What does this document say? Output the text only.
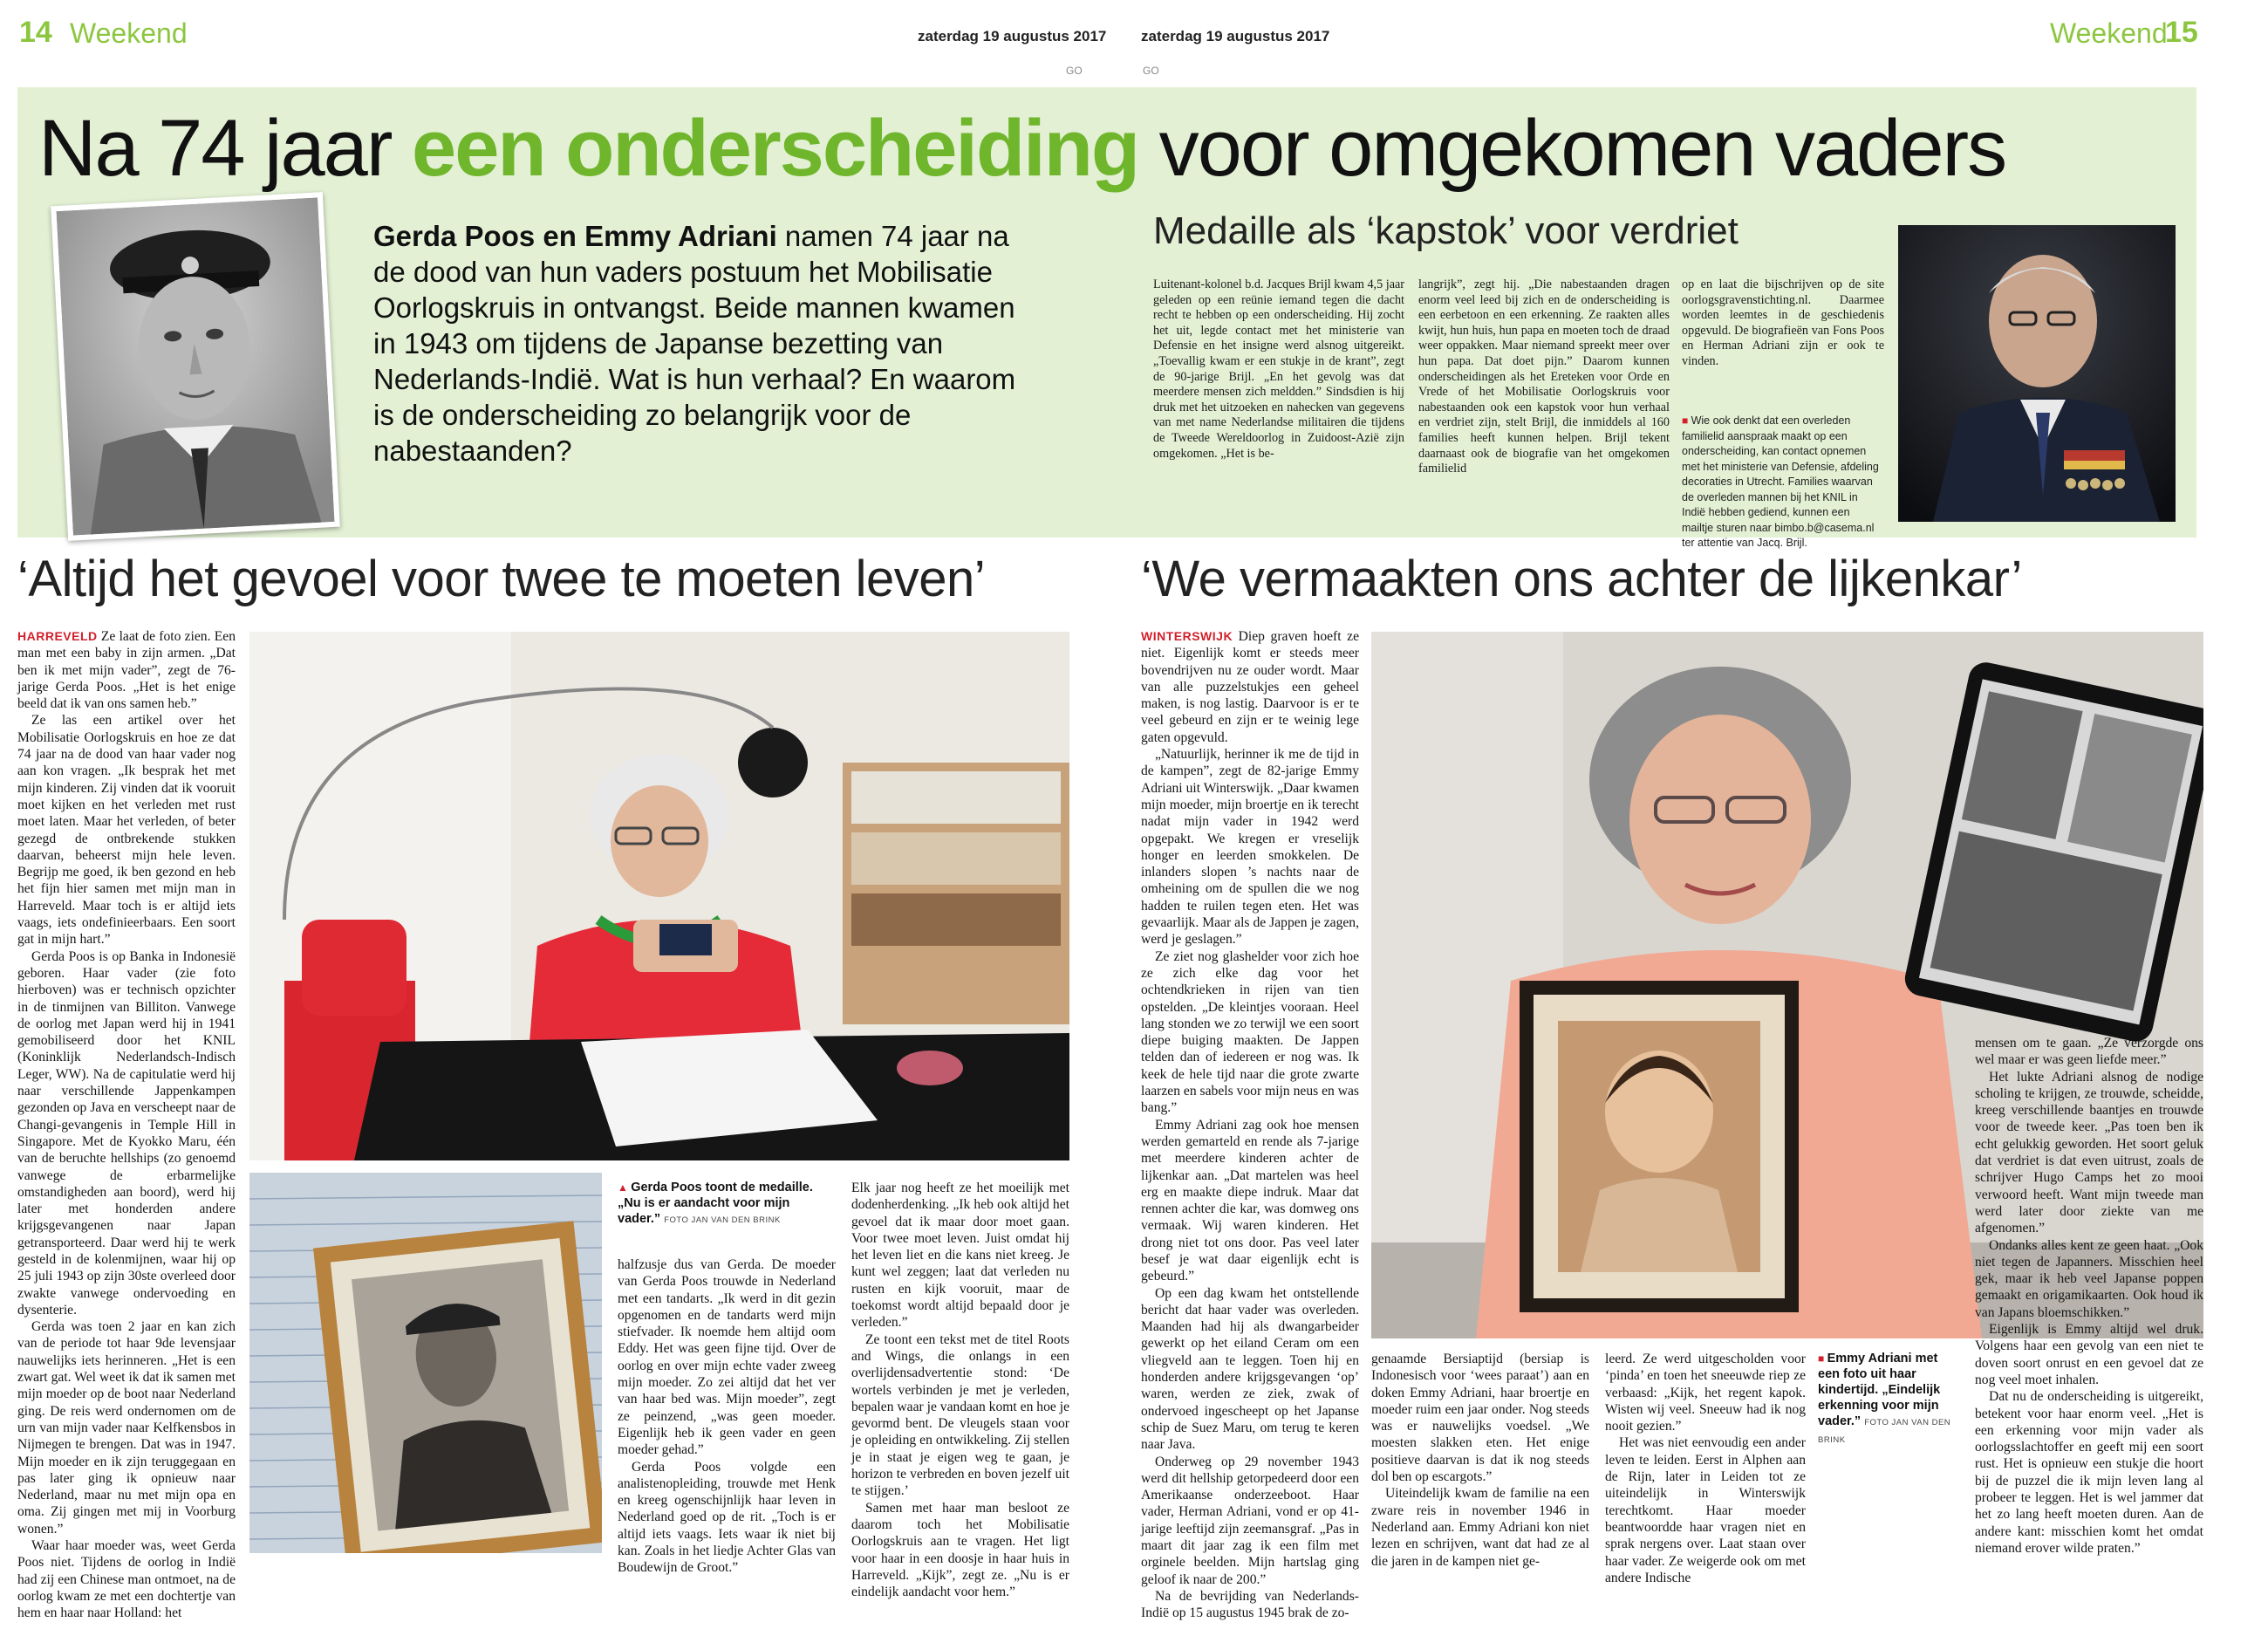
14 Weekend	zaterdag 19 augustus 2017
GO
zaterdag 19 augustus 2017
GO
Weekend
15
Na 74 jaar een onderscheiding voor omgekomen vaders
Gerda Poos en Emmy Adriani namen 74 jaar na de dood van hun vaders postuum het Mobilisatie Oorlogskruis in ontvangst. Beide mannen kwamen in 1943 om tijdens de Japanse bezetting van Nederlands-Indië. Wat is hun verhaal? En waarom is de onderscheiding zo belangrijk voor de nabestaanden?
Medaille als ‘kapstok’ voor verdriet
Luitenant-kolonel b.d. Jacques Brijl kwam 4,5 jaar geleden op een reünie iemand tegen die dacht recht te hebben op een onderscheiding. Hij zocht het uit, legde contact met het ministerie van Defensie en het insigne werd alsnog uitgereikt. „Toevallig kwam er een stukje in de krant”, zegt de 90-jarige Brijl. „En het gevolg was dat meerdere mensen zich meldden.” Sindsdien is hij druk met het uitzoeken en nahecken van gegevens van met name Nederlandse militairen die tijdens de Tweede Wereldoorlog in Zuidoost-Azië zijn omgekomen. „Het is be-
langrijk”, zegt hij. „Die nabestaanden dragen enorm veel leed bij zich en de onderscheiding is een eerbetoon en een erkenning. Ze raakten alles kwijt, hun huis, hun papa en moeten toch de draad weer oppakken. Maar niemand spreekt meer over hun papa. Dat doet pijn.” Daarom kunnen onderscheidingen als het Ereteken voor Orde en Vrede of het Mobilisatie Oorlogskruis voor nabestaanden ook een kapstok voor hun verhaal en verdriet zijn, stelt Brijl, die inmiddels al 160 families heeft kunnen helpen. Brijl tekent daarnaast ook de biografie van het omgekomen familielid
op en laat die bijschrijven op de site oorlogsgravenstichting.nl. Daarmee worden leemtes in de geschiedenis opgevuld. De biografieën van Fons Poos en Herman Adriani zijn er ook te vinden.
■ Wie ook denkt dat een overleden familielid aanspraak maakt op een onderscheiding, kan contact opnemen met het ministerie van Defensie, afdeling decoraties in Utrecht. Families waarvan de overleden mannen bij het KNIL in Indië hebben gediend, kunnen een mailtje sturen naar bimbo.b@casema.nl ter attentie van Jacq. Brijl.
‘Altijd het gevoel voor twee te moeten leven’

HARREVELD Ze laat de foto zien. Een man met een baby in zijn armen. „Dat ben ik met mijn vader”, zegt de 76-jarige Gerda Poos. „Het is het enige beeld dat ik van ons samen heb.”

Ze las een artikel over het Mobilisatie Oorlogskruis en hoe ze dat 74 jaar na de dood van haar vader nog aan kon vragen. „Ik besprak het met mijn kinderen. Zij vinden dat ik vooruit moet kijken en het verleden met rust moet laten. Maar het verleden, of beter gezegd de ontbrekende stukken daarvan, beheerst mijn hele leven. Begrijp me goed, ik ben gezond en heb het fijn hier samen met mijn man in Harreveld. Maar toch is er altijd iets vaags, iets ondefinieerbaars. Een soort gat in mijn hart.”

Gerda Poos is op Banka in Indonesië geboren. Haar vader (zie foto hierboven) was er technisch opzichter in de tinmijnen van Billiton. Vanwege de oorlog met Japan werd hij in 1941 gemobiliseerd door het KNIL (Koninklijk Nederlandsch-Indisch Leger, WW). Na de capitulatie werd hij naar verschillende Jappenkampen gezonden op Java en verscheept naar de Changi-gevangenis in Temple Hill in Singapore. Met de Kyokko Maru, één van de beruchte hellships (zo genoemd vanwege de erbarmelijke omstandigheden aan boord), werd hij later met honderden andere krijgsgevangenen naar Japan getransporteerd. Daar werd hij te werk gesteld in de kolenmijnen, waar hij op 25 juli 1943 op zijn 30ste overleed door zwakte vanwege ondervoeding en dysenterie.

Gerda was toen 2 jaar en kan zich van de periode tot haar 9de levensjaar nauwelijks iets herinneren. „Het is een zwart gat. Wel weet ik dat ik samen met mijn moeder op de boot naar Nederland ging. De reis werd ondernomen om de urn van mijn vader naar Kelfkensbos in Nijmegen te brengen. Dat was in 1947. Mijn moeder en ik zijn teruggegaan en pas later ging ik opnieuw naar Nederland, maar nu met mijn opa en oma. Zij gingen met mij in Voorburg wonen.”

Waar haar moeder was, weet Gerda Poos niet. Tijdens de oorlog in Indië had zij een Chinese man ontmoet, na de oorlog kwam ze met een dochtertje van hem en haar naar Holland: het

▲ Gerda Poos toont de medaille. „Nu is er aandacht voor mijn vader.” FOTO JAN VAN DEN BRINK

halfzusje dus van Gerda. De moeder van Gerda Poos trouwde in Nederland met een tandarts. „Ik werd in dit gezin opgenomen en de tandarts werd mijn stiefvader. Ik noemde hem altijd oom Eddy. Het was geen fijne tijd. Over de oorlog en over mijn echte vader zweeg mijn moeder. Zo zei altijd dat het ver van haar bed was. Mijn moeder”, zegt ze peinzend, „was geen moeder. Eigenlijk heb ik geen vader en geen moeder gehad.”

Gerda Poos volgde een analistenopleiding, trouwde met Henk en kreeg ogenschijnlijk haar leven in Nederland goed op de rit. „Toch is er altijd iets vaags. Iets waar ik niet bij kan. Zoals in het liedje Achter Glas van Boudewijn de Groot.”

Elk jaar nog heeft ze het moeilijk met dodenherdenking. „Ik heb ook altijd het gevoel dat ik maar door moet gaan. Voor twee moet leven. Juist omdat hij het leven liet en die kans niet kreeg. Je kunt wel zeggen; laat dat verleden nu rusten en kijk vooruit, maar de toekomst wordt altijd bepaald door je verleden.”

Ze toont een tekst met de titel Roots and Wings, die onlangs in een overlijdensadvertentie stond: ‘De wortels verbinden je met je verleden, bepalen waar je vandaan komt en hoe je gevormd bent. De vleugels staan voor je opleiding en ontwikkeling. Zij stellen je in staat je eigen weg te gaan, je horizon te verbreden en boven jezelf uit te stijgen.’

Samen met haar man besloot ze daarom toch het Mobilisatie Oorlogskruis aan te vragen. Het ligt voor haar in een doosje in haar huis in Harreveld. „Kijk”, zegt ze. „Nu is er eindelijk aandacht voor hem.”

‘We vermaakten ons achter de lijkenkar’

WINTERSWIJK Diep graven hoeft ze niet. Eigenlijk komt er steeds meer bovendrijven nu ze ouder wordt. Maar van alle puzzelstukjes een geheel maken, is nog lastig. Daarvoor is er te veel gebeurd en zijn er te weinig lege gaten opgevuld.

„Natuurlijk, herinner ik me de tijd in de kampen”, zegt de 82-jarige Emmy Adriani uit Winterswijk. „Daar kwamen mijn moeder, mijn broertje en ik terecht nadat mijn vader in 1942 werd opgepakt. We kregen er vreselijk honger en leerden smokkelen. De inlanders slopen ’s nachts naar de omheining om de spullen die we nog hadden te ruilen tegen eten. Het was gevaarlijk. Maar als de Jappen je zagen, werd je geslagen.”

Ze ziet nog glashelder voor zich hoe ze zich elke dag voor het ochtendkrieken in rijen van tien opstelden. „De kleintjes vooraan. Heel lang stonden we zo terwijl we een soort diepe buiging maakten. De Jappen telden dan of iedereen er nog was. Ik keek de hele tijd naar die grote zwarte laarzen en sabels voor mijn neus en was bang.”

Emmy Adriani zag ook hoe mensen werden gemarteld en rende als 7-jarige met meerdere kinderen achter de lijkenkar aan. „Dat martelen was heel erg en maakte diepe indruk. Maar dat rennen achter die kar, was domweg ons vermaak. Wij waren kinderen. Het drong niet tot ons door. Pas veel later besef je wat daar eigenlijk echt is gebeurd.”

Op een dag kwam het ontstellende bericht dat haar vader was overleden. Maanden had hij als dwangarbeider gewerkt op het eiland Ceram om een vliegveld aan te leggen. Toen hij en honderden andere krijgsgevangen ‘op’ waren, werden ze ziek, zwak of ondervoed ingescheept op het Japanse schip de Suez Maru, om terug te keren naar Java.

Onderweg op 29 november 1943 werd dit hellship getorpedeerd door een Amerikaanse onderzeeboot. Haar vader, Herman Adriani, vond er op 41-jarige leeftijd zijn zeemansgraf. „Pas in maart dit jaar zag ik een film met orginele beelden. Mijn hartslag ging geloof ik naar de 200.”

Na de bevrijding van Nederlands-Indië op 15 augustus 1945 brak de zo-

genaamde Bersiaptijd (bersiap is Indonesisch voor ‘wees paraat’) aan en doken Emmy Adriani, haar broertje en moeder ruim een jaar onder. Nog steeds was er nauwelijks voedsel. „We moesten slakken eten. Het enige positieve daarvan is dat ik nog steeds dol ben op escargots.”

Uiteindelijk kwam de familie na een zware reis in november 1946 in Nederland aan. Emmy Adriani kon niet lezen en schrijven, want dat had ze al die jaren in de kampen niet ge-

leerd. Ze werd uitgescholden voor ‘pinda’ en toen het sneeuwde riep ze verbaasd: „Kijk, het regent kapok. Wisten wij veel. Sneeuw had ik nog nooit gezien.”

Het was niet eenvoudig een ander leven te leiden. Eerst in Alphen aan de Rijn, later in Leiden tot ze uiteindelijk in Winterswijk terechtkomt. Haar moeder beantwoordde haar vragen niet en sprak nergens over. Laat staan over haar vader. Ze weigerde ook om met andere Indische

■ Emmy Adriani met een foto uit haar kindertijd. „Eindelijk erkenning voor mijn vader.” FOTO JAN VAN DEN BRINK

mensen om te gaan. „Ze verzorgde ons wel maar er was geen liefde meer.”

Het lukte Adriani alsnog de nodige scholing te krijgen, ze trouwde, scheidde, kreeg verschillende baantjes en trouwde voor de tweede keer. „Pas toen ben ik echt gelukkig geworden. Het soort geluk dat verdriet is dat even uitrust, zoals de schrijver Hugo Camps het zo mooi verwoord heeft. Want mijn tweede man werd later door ziekte van me afgenomen.”

Ondanks alles kent ze geen haat. „Ook niet tegen de Japanners. Misschien heel gek, maar ik heb veel Japanse poppen gemaakt en origamikaarten. Ook houd ik van Japans bloemschikken.”

Eigenlijk is Emmy altijd wel druk. Volgens haar een gevolg van een niet te doven soort onrust en een gevoel dat ze nog veel moet inhalen.

Dat nu de onderscheiding is uitgereikt, betekent voor haar enorm veel. „Het is een erkenning voor mijn vader als oorlogsslachtoffer en geeft mij een soort rust. Het is opnieuw een stukje die hoort bij de puzzel die ik mijn leven lang al probeer te leggen. Het is wel jammer dat het zo lang heeft moeten duren. Aan de andere kant: misschien komt het omdat niemand erover wilde praten.”
